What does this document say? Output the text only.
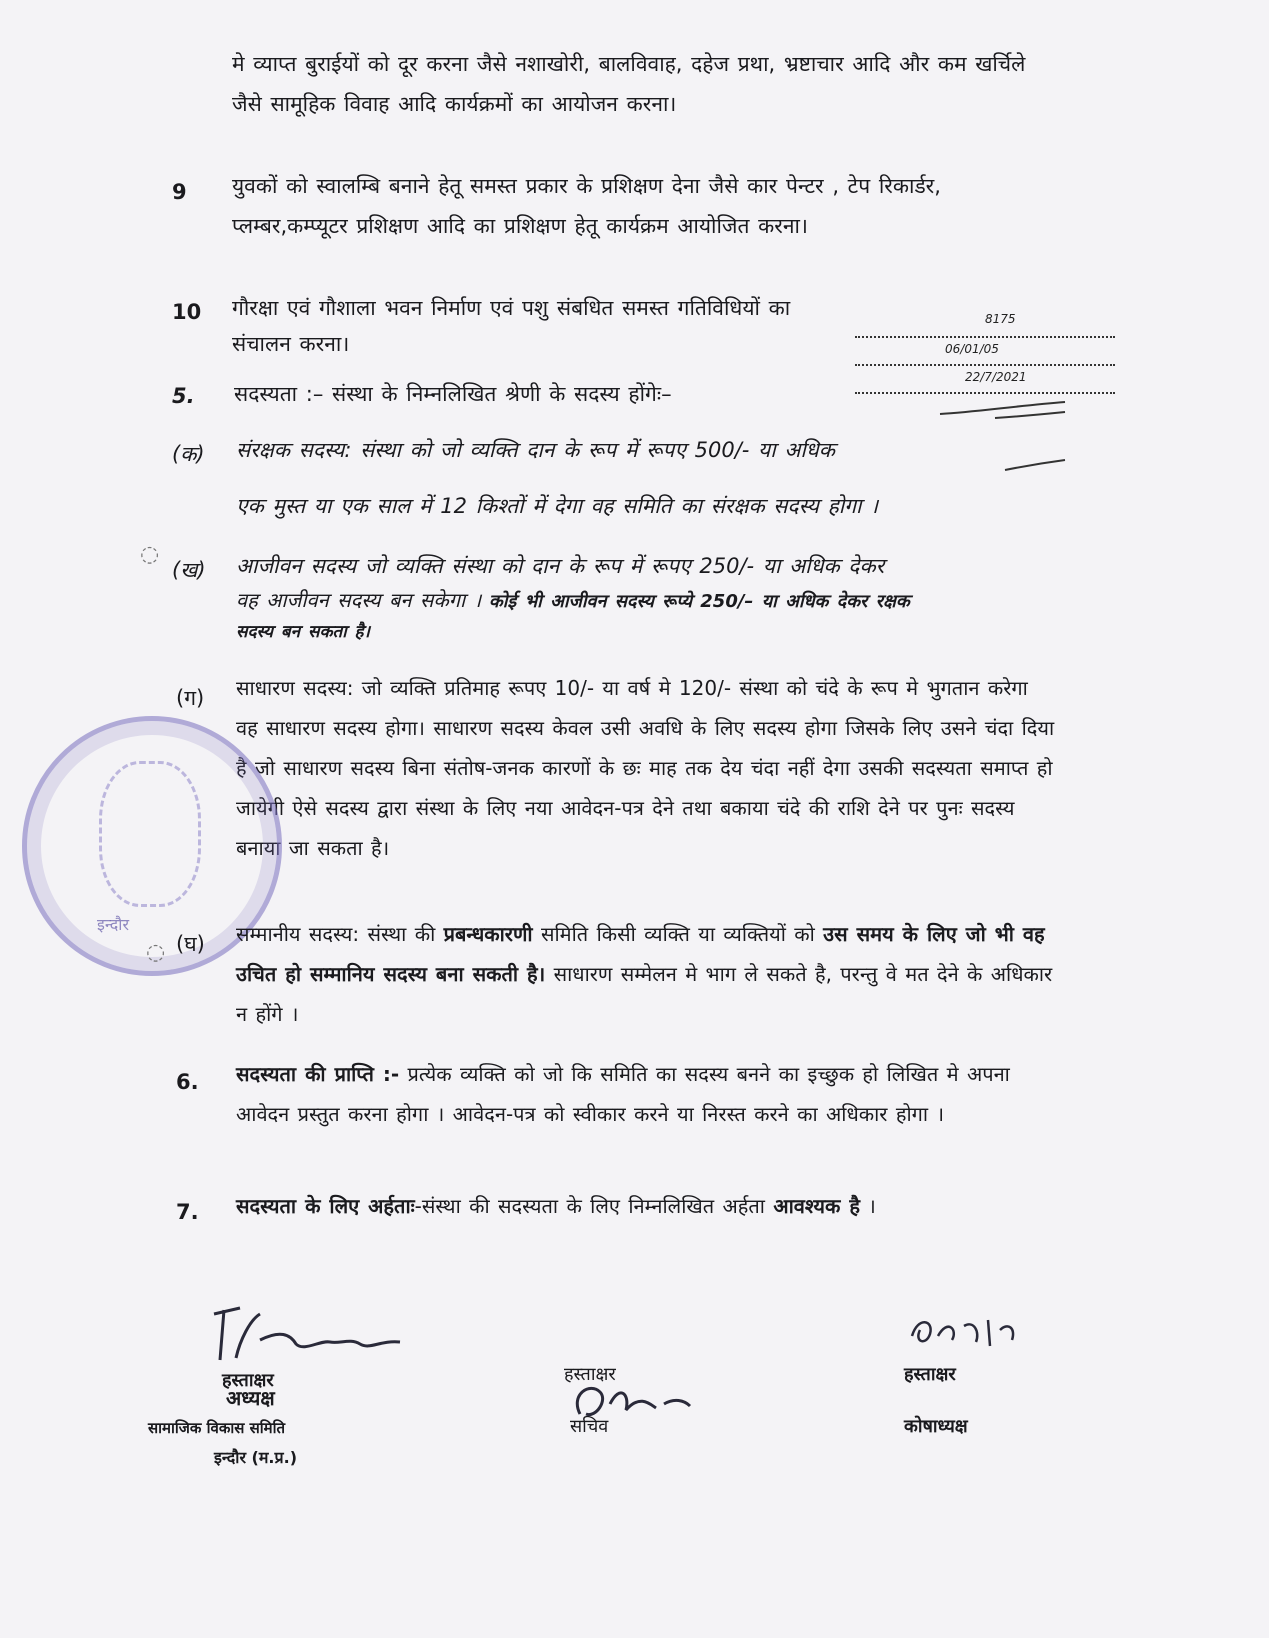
मे व्याप्त बुराईयों को दूर करना जैसे नशाखोरी, बालविवाह, दहेज प्रथा, भ्रष्टाचार आदि और कम खर्चिले जैसे सामूहिक विवाह आदि कार्यक्रमों का आयोजन करना।
9 युवकों को स्वालम्बि बनाने हेतू समस्त प्रकार के प्रशिक्षण देना जैसे कार पेन्टर , टेप रिकार्डर, प्लम्बर,कम्प्यूटर प्रशिक्षण आदि का प्रशिक्षण हेतू कार्यक्रम आयोजित करना।
10 गौरक्षा एवं गौशाला भवन निर्माण एवं पशु संबधित समस्त गतिविधियों का
संचालन करना।
8175
06/01/05
22/7/2021
5. सदस्यता :– संस्था के निम्नलिखित श्रेणी के सदस्य होंगेः–
(क) संरक्षक सदस्य: संस्था को जो व्यक्ति दान के रूप में रूपए 500/- या अधिक
एक मुस्त या एक साल में 12 किश्तों में देगा वह समिति का संरक्षक सदस्य होगा ।
◌
(ख) आजीवन सदस्य जो व्यक्ति संस्था को दान के रूप में रूपए 250/- या अधिक देकर
वह आजीवन सदस्य बन सकेगा । कोई भी आजीवन सदस्य रूप्ये 250/– या अधिक देकर रक्षक
सदस्य बन सकता है।
(ग) साधारण सदस्य: जो व्यक्ति प्रतिमाह रूपए 10/- या वर्ष मे 120/- संस्था को चंदे के रूप मे भुगतान करेगा वह साधारण सदस्य होगा। साधारण सदस्य केवल उसी अवधि के लिए सदस्य होगा जिसके लिए उसने चंदा दिया है जो साधारण सदस्य बिना संतोष-जनक कारणों के छः माह तक देय चंदा नहीं देगा उसकी सदस्यता समाप्त हो जायेगी ऐसे सदस्य द्वारा संस्था के लिए नया आवेदन-पत्र देने तथा बकाया चंदे की राशि देने पर पुनः सदस्य बनाया जा सकता है।
इन्दौर
◌ (घ) सम्मानीय सदस्य: संस्था की प्रबन्धकारणी समिति किसी व्यक्ति या व्यक्तियों को उस समय के लिए जो भी वह उचित हो सम्मानिय सदस्य बना सकती है। साधारण सम्मेलन मे भाग ले सकते है, परन्तु वे मत देने के अधिकार न होंगे ।
6. सदस्यता की प्राप्ति :- प्रत्येक व्यक्ति को जो कि समिति का सदस्य बनने का इच्छुक हो लिखित मे अपना आवेदन प्रस्तुत करना होगा । आवेदन-पत्र को स्वीकार करने या निरस्त करने का अधिकार होगा ।
7. सदस्यता के लिए अर्हताः-संस्था की सदस्यता के लिए निम्नलिखित अर्हता आवश्यक है ।
हस्ताक्षर
अध्यक्ष
सामाजिक विकास समिति
इन्दौर (म.प्र.)
हस्ताक्षर
सचिव
हस्ताक्षर
कोषाध्यक्ष
